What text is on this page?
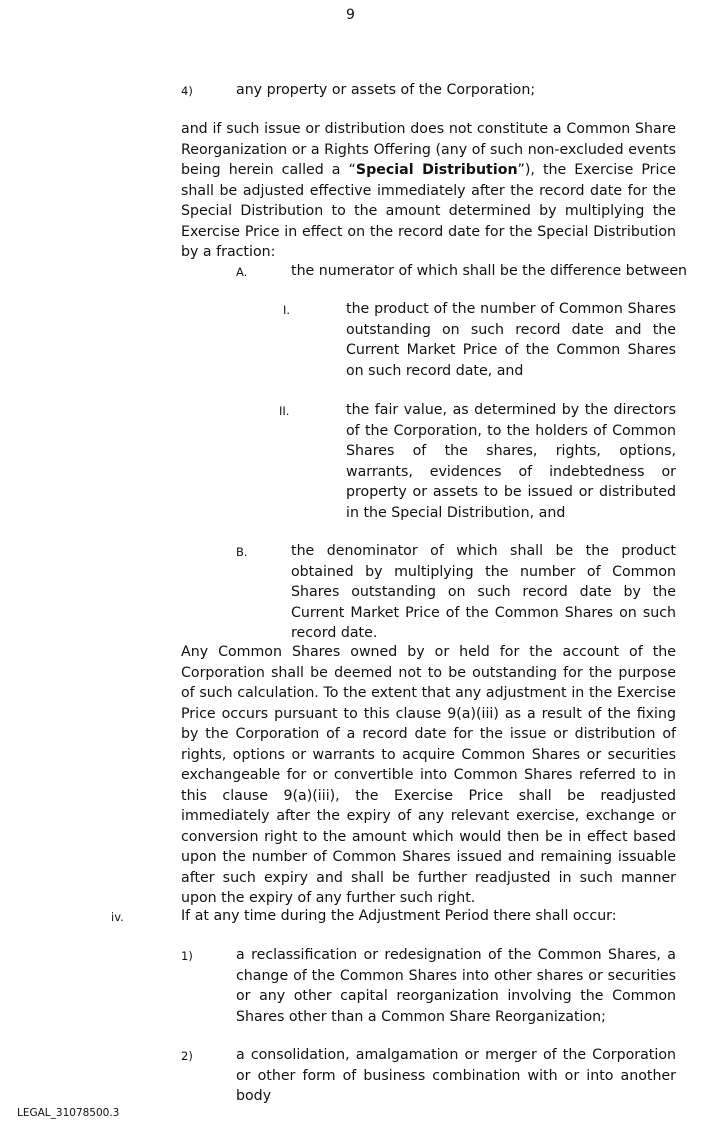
9
4)	any property or assets of the Corporation;
and if such issue or distribution does not constitute a Common Share Reorganization or a Rights Offering (any of such non-excluded events being herein called a “Special Distribution”), the Exercise Price shall be adjusted effective immediately after the record date for the Special Distribution to the amount determined by multiplying the Exercise Price in effect on the record date for the Special Distribution by a fraction:
A.	the numerator of which shall be the difference between
I.	the product of the number of Common Shares outstanding on such record date and the Current Market Price of the Common Shares on such record date, and
II.	the fair value, as determined by the directors of the Corporation, to the holders of Common Shares of the shares, rights, options, warrants, evidences of indebtedness or property or assets to be issued or distributed in the Special Distribution, and
B.	the denominator of which shall be the product obtained by multiplying the number of Common Shares outstanding on such record date by the Current Market Price of the Common Shares on such record date.
Any Common Shares owned by or held for the account of the Corporation shall be deemed not to be outstanding for the purpose of such calculation. To the extent that any adjustment in the Exercise Price occurs pursuant to this clause 9(a)(iii) as a result of the fixing by the Corporation of a record date for the issue or distribution of rights, options or warrants to acquire Common Shares or securities exchangeable for or convertible into Common Shares referred to in this clause 9(a)(iii), the Exercise Price shall be readjusted immediately after the expiry of any relevant exercise, exchange or conversion right to the amount which would then be in effect based upon the number of Common Shares issued and remaining issuable after such expiry and shall be further readjusted in such manner upon the expiry of any further such right.
iv.	If at any time during the Adjustment Period there shall occur:
1)	a reclassification or redesignation of the Common Shares, a change of the Common Shares into other shares or securities or any other capital reorganization involving the Common Shares other than a Common Share Reorganization;
2)	a consolidation, amalgamation or merger of the Corporation or other form of business combination with or into another body
LEGAL_31078500.3
